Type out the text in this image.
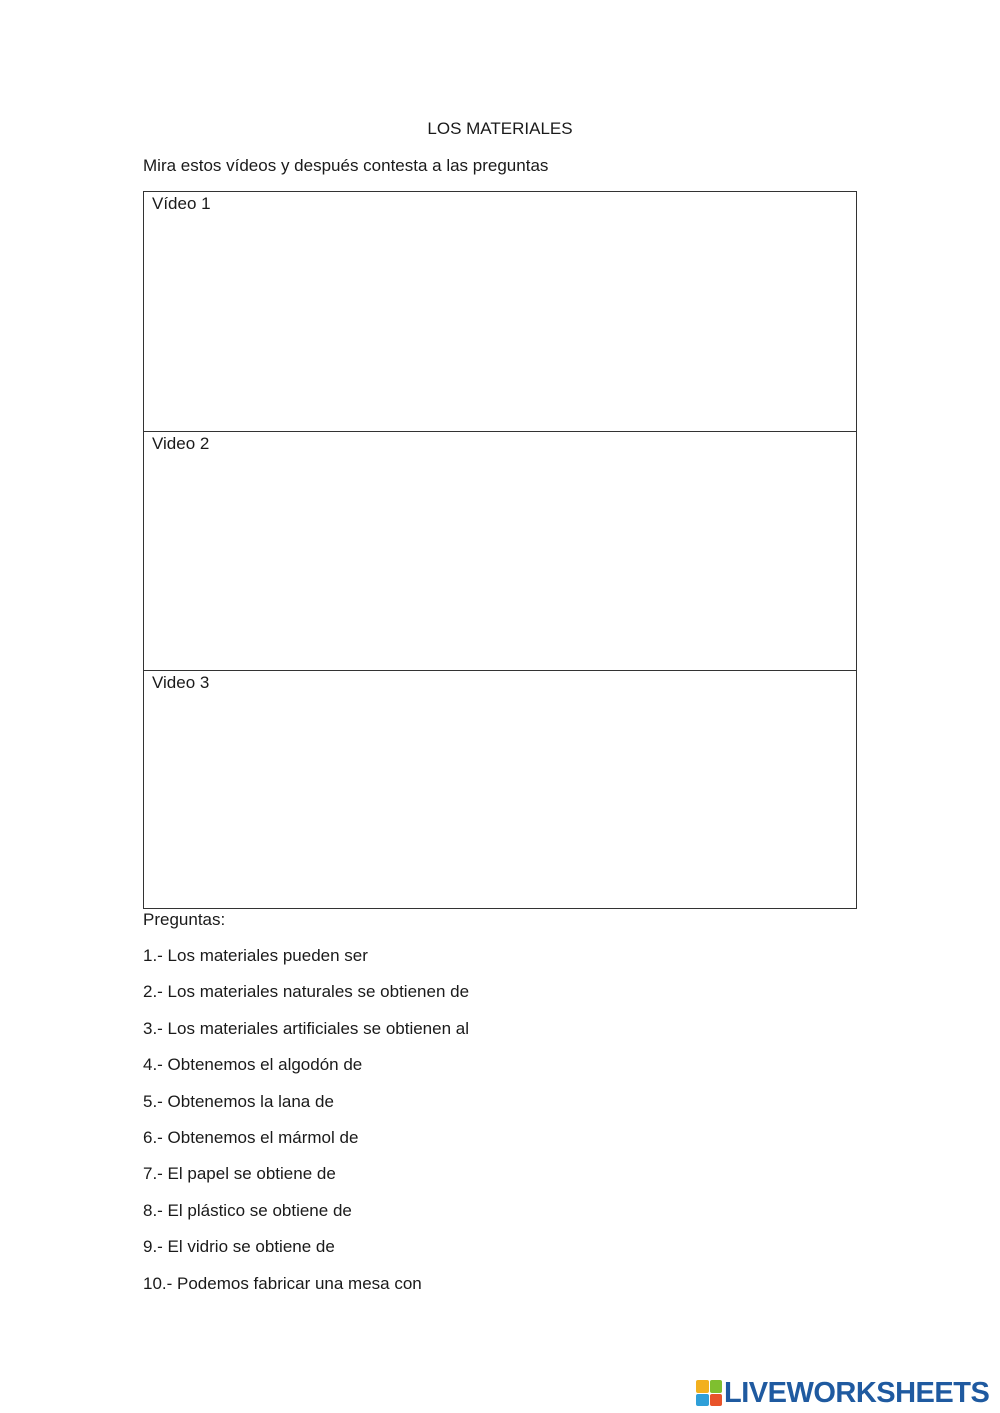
LOS MATERIALES
Mira estos vídeos y después contesta a las preguntas
Vídeo 1
Video 2
Video 3
Preguntas:
1.- Los materiales pueden ser
2.- Los materiales naturales se obtienen de
3.- Los materiales artificiales se obtienen al
4.- Obtenemos el algodón de
5.- Obtenemos la lana de
6.- Obtenemos el mármol de
7.- El papel se obtiene de
8.- El plástico se obtiene de
9.- El vidrio se obtiene de
10.- Podemos fabricar una mesa con
LIVEWORKSHEETS
